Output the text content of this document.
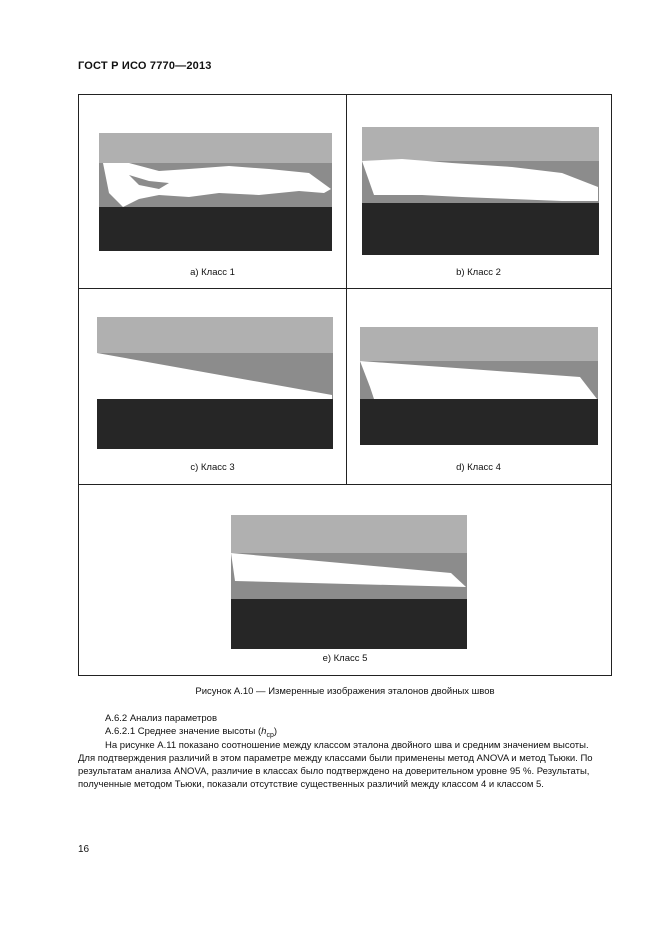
ГОСТ Р ИСО 7770—2013
a) Класс 1	b) Класс 2
c) Класс 3	d) Класс 4
e) Класс 5
Рисунок А.10 — Измеренные изображения эталонов двойных швов
А.6.2 Анализ параметров
А.6.2.1 Среднее значение высоты $(h_{ср})$
На рисунке А.11 показано соотношение между классом эталона двойного шва и средним значением высоты.
Для подтверждения различий в этом параметре между классами были применены метод ANOVA и метод Тьюки. По
результатам анализа ANOVA, различие в классах было подтверждено на доверительном уровне 95 %. Результаты,
полученные методом Тьюки, показали отсутствие существенных различий между классом 4 и классом 5.
16
